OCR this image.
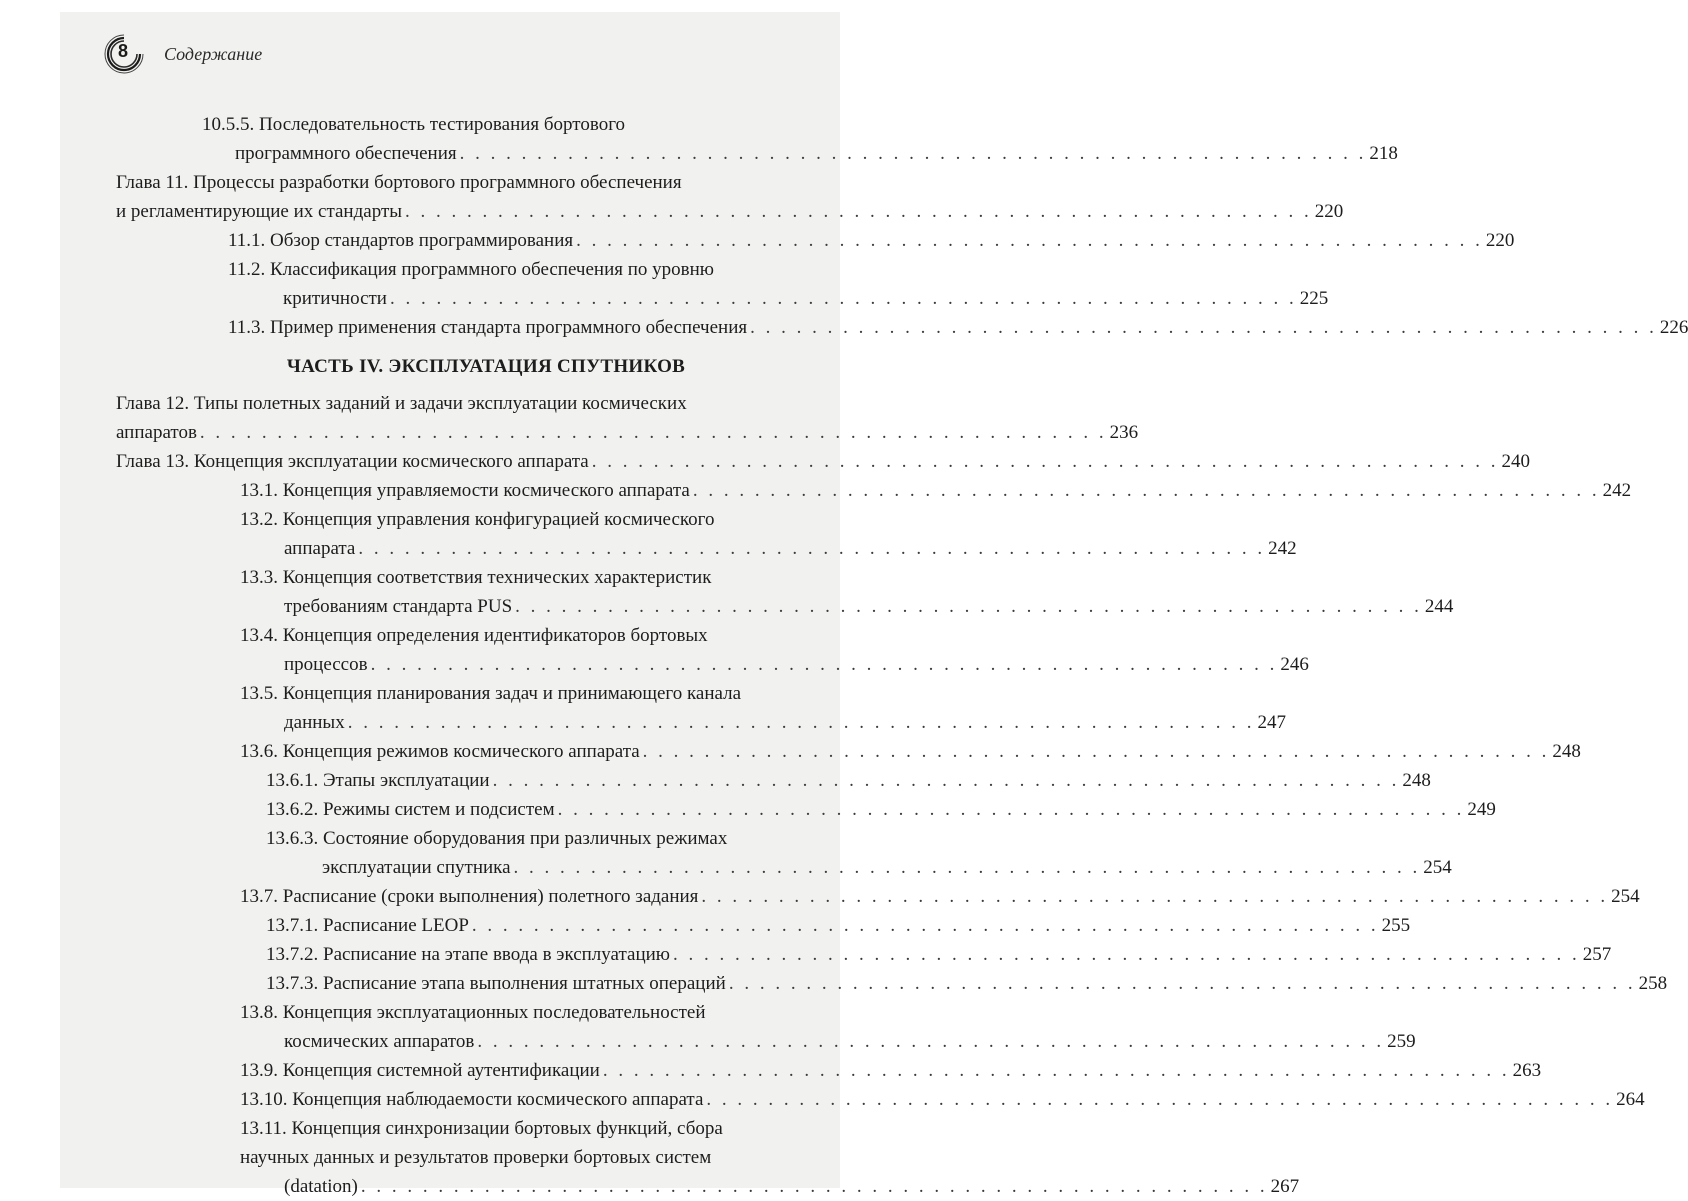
8 Содержание
10.5.5. Последовательность тестирования бортового
программного обеспечения . . . . . . . . . . . . . . . . . . . . . . . . . . . . . . . . . . . . . . . . . . . . . . . . . . . . . . . . . . . 218
Глава 11. Процессы разработки бортового программного обеспечения
и регламентирующие их стандарты . . . . . . . . . . . . . . . . . . . . . . . . . . . . . . . . . . . . . . . . . . . . . . . . . . . . . . . . . . . 220
11.1. Обзор стандартов программирования . . . . . . . . . . . . . . . . . . . . . . . . . . . . . . . . . . . . . . . . . . . . . . . . . . . . . . . . . . . 220
11.2. Классификация программного обеспечения по уровню
критичности . . . . . . . . . . . . . . . . . . . . . . . . . . . . . . . . . . . . . . . . . . . . . . . . . . . . . . . . . . . 225
11.3. Пример применения стандарта программного обеспечения . . . . . . . . . . . . . . . . . . . . . . . . . . . . . . . . . . . . . . . . . . . . . . . . . . . . . . . . . . . 226
ЧАСТЬ IV. ЭКСПЛУАТАЦИЯ СПУТНИКОВ
Глава 12. Типы полетных заданий и задачи эксплуатации космических
аппаратов . . . . . . . . . . . . . . . . . . . . . . . . . . . . . . . . . . . . . . . . . . . . . . . . . . . . . . . . . . . 236
Глава 13. Концепция эксплуатации космического аппарата . . . . . . . . . . . . . . . . . . . . . . . . . . . . . . . . . . . . . . . . . . . . . . . . . . . . . . . . . . . 240
13.1. Концепция управляемости космического аппарата . . . . . . . . . . . . . . . . . . . . . . . . . . . . . . . . . . . . . . . . . . . . . . . . . . . . . . . . . . . 242
13.2. Концепция управления конфигурацией космического
аппарата . . . . . . . . . . . . . . . . . . . . . . . . . . . . . . . . . . . . . . . . . . . . . . . . . . . . . . . . . . . 242
13.3. Концепция соответствия технических характеристик
требованиям стандарта PUS . . . . . . . . . . . . . . . . . . . . . . . . . . . . . . . . . . . . . . . . . . . . . . . . . . . . . . . . . . . 244
13.4. Концепция определения идентификаторов бортовых
процессов . . . . . . . . . . . . . . . . . . . . . . . . . . . . . . . . . . . . . . . . . . . . . . . . . . . . . . . . . . . 246
13.5. Концепция планирования задач и принимающего канала
данных . . . . . . . . . . . . . . . . . . . . . . . . . . . . . . . . . . . . . . . . . . . . . . . . . . . . . . . . . . . 247
13.6. Концепция режимов космического аппарата . . . . . . . . . . . . . . . . . . . . . . . . . . . . . . . . . . . . . . . . . . . . . . . . . . . . . . . . . . . 248
13.6.1. Этапы эксплуатации . . . . . . . . . . . . . . . . . . . . . . . . . . . . . . . . . . . . . . . . . . . . . . . . . . . . . . . . . . . 248
13.6.2. Режимы систем и подсистем . . . . . . . . . . . . . . . . . . . . . . . . . . . . . . . . . . . . . . . . . . . . . . . . . . . . . . . . . . . 249
13.6.3. Состояние оборудования при различных режимах
эксплуатации спутника . . . . . . . . . . . . . . . . . . . . . . . . . . . . . . . . . . . . . . . . . . . . . . . . . . . . . . . . . . . 254
13.7. Расписание (сроки выполнения) полетного задания . . . . . . . . . . . . . . . . . . . . . . . . . . . . . . . . . . . . . . . . . . . . . . . . . . . . . . . . . . . 254
13.7.1. Расписание LEOP . . . . . . . . . . . . . . . . . . . . . . . . . . . . . . . . . . . . . . . . . . . . . . . . . . . . . . . . . . . 255
13.7.2. Расписание на этапе ввода в эксплуатацию . . . . . . . . . . . . . . . . . . . . . . . . . . . . . . . . . . . . . . . . . . . . . . . . . . . . . . . . . . . 257
13.7.3. Расписание этапа выполнения штатных операций . . . . . . . . . . . . . . . . . . . . . . . . . . . . . . . . . . . . . . . . . . . . . . . . . . . . . . . . . . . 258
13.8. Концепция эксплуатационных последовательностей
космических аппаратов . . . . . . . . . . . . . . . . . . . . . . . . . . . . . . . . . . . . . . . . . . . . . . . . . . . . . . . . . . . 259
13.9. Концепция системной аутентификации . . . . . . . . . . . . . . . . . . . . . . . . . . . . . . . . . . . . . . . . . . . . . . . . . . . . . . . . . . . 263
13.10. Концепция наблюдаемости космического аппарата . . . . . . . . . . . . . . . . . . . . . . . . . . . . . . . . . . . . . . . . . . . . . . . . . . . . . . . . . . . 264
13.11. Концепция синхронизации бортовых функций, сбора научных данных и результатов проверки бортовых систем
(datation) . . . . . . . . . . . . . . . . . . . . . . . . . . . . . . . . . . . . . . . . . . . . . . . . . . . . . . . . . . . 267
